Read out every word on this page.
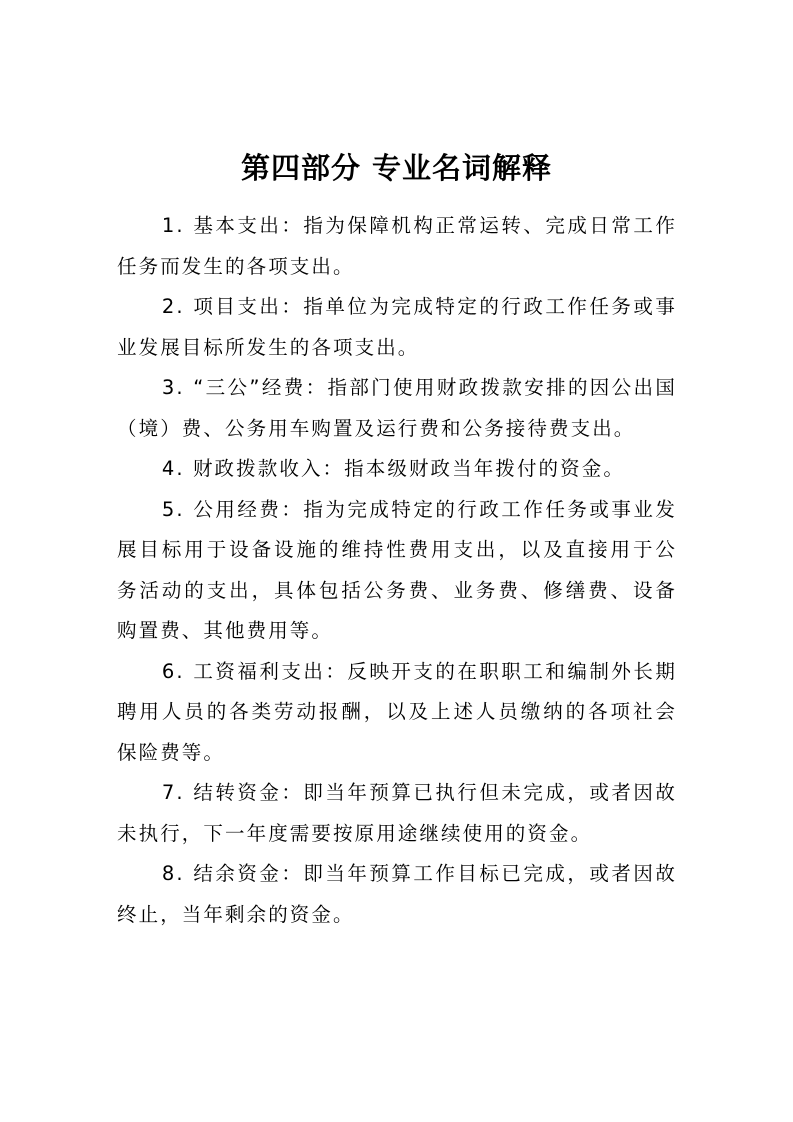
第四部分 专业名词解释

1. 基本支出：指为保障机构正常运转、完成日常工作任务而发生的各项支出。

2. 项目支出：指单位为完成特定的行政工作任务或事业发展目标所发生的各项支出。

3. “三公”经费：指部门使用财政拨款安排的因公出国（境）费、公务用车购置及运行费和公务接待费支出。

4. 财政拨款收入：指本级财政当年拨付的资金。

5. 公用经费：指为完成特定的行政工作任务或事业发展目标用于设备设施的维持性费用支出，以及直接用于公务活动的支出，具体包括公务费、业务费、修缮费、设备购置费、其他费用等。

6. 工资福利支出：反映开支的在职职工和编制外长期聘用人员的各类劳动报酬，以及上述人员缴纳的各项社会保险费等。

7. 结转资金：即当年预算已执行但未完成，或者因故未执行，下一年度需要按原用途继续使用的资金。

8. 结余资金：即当年预算工作目标已完成，或者因故终止，当年剩余的资金。
